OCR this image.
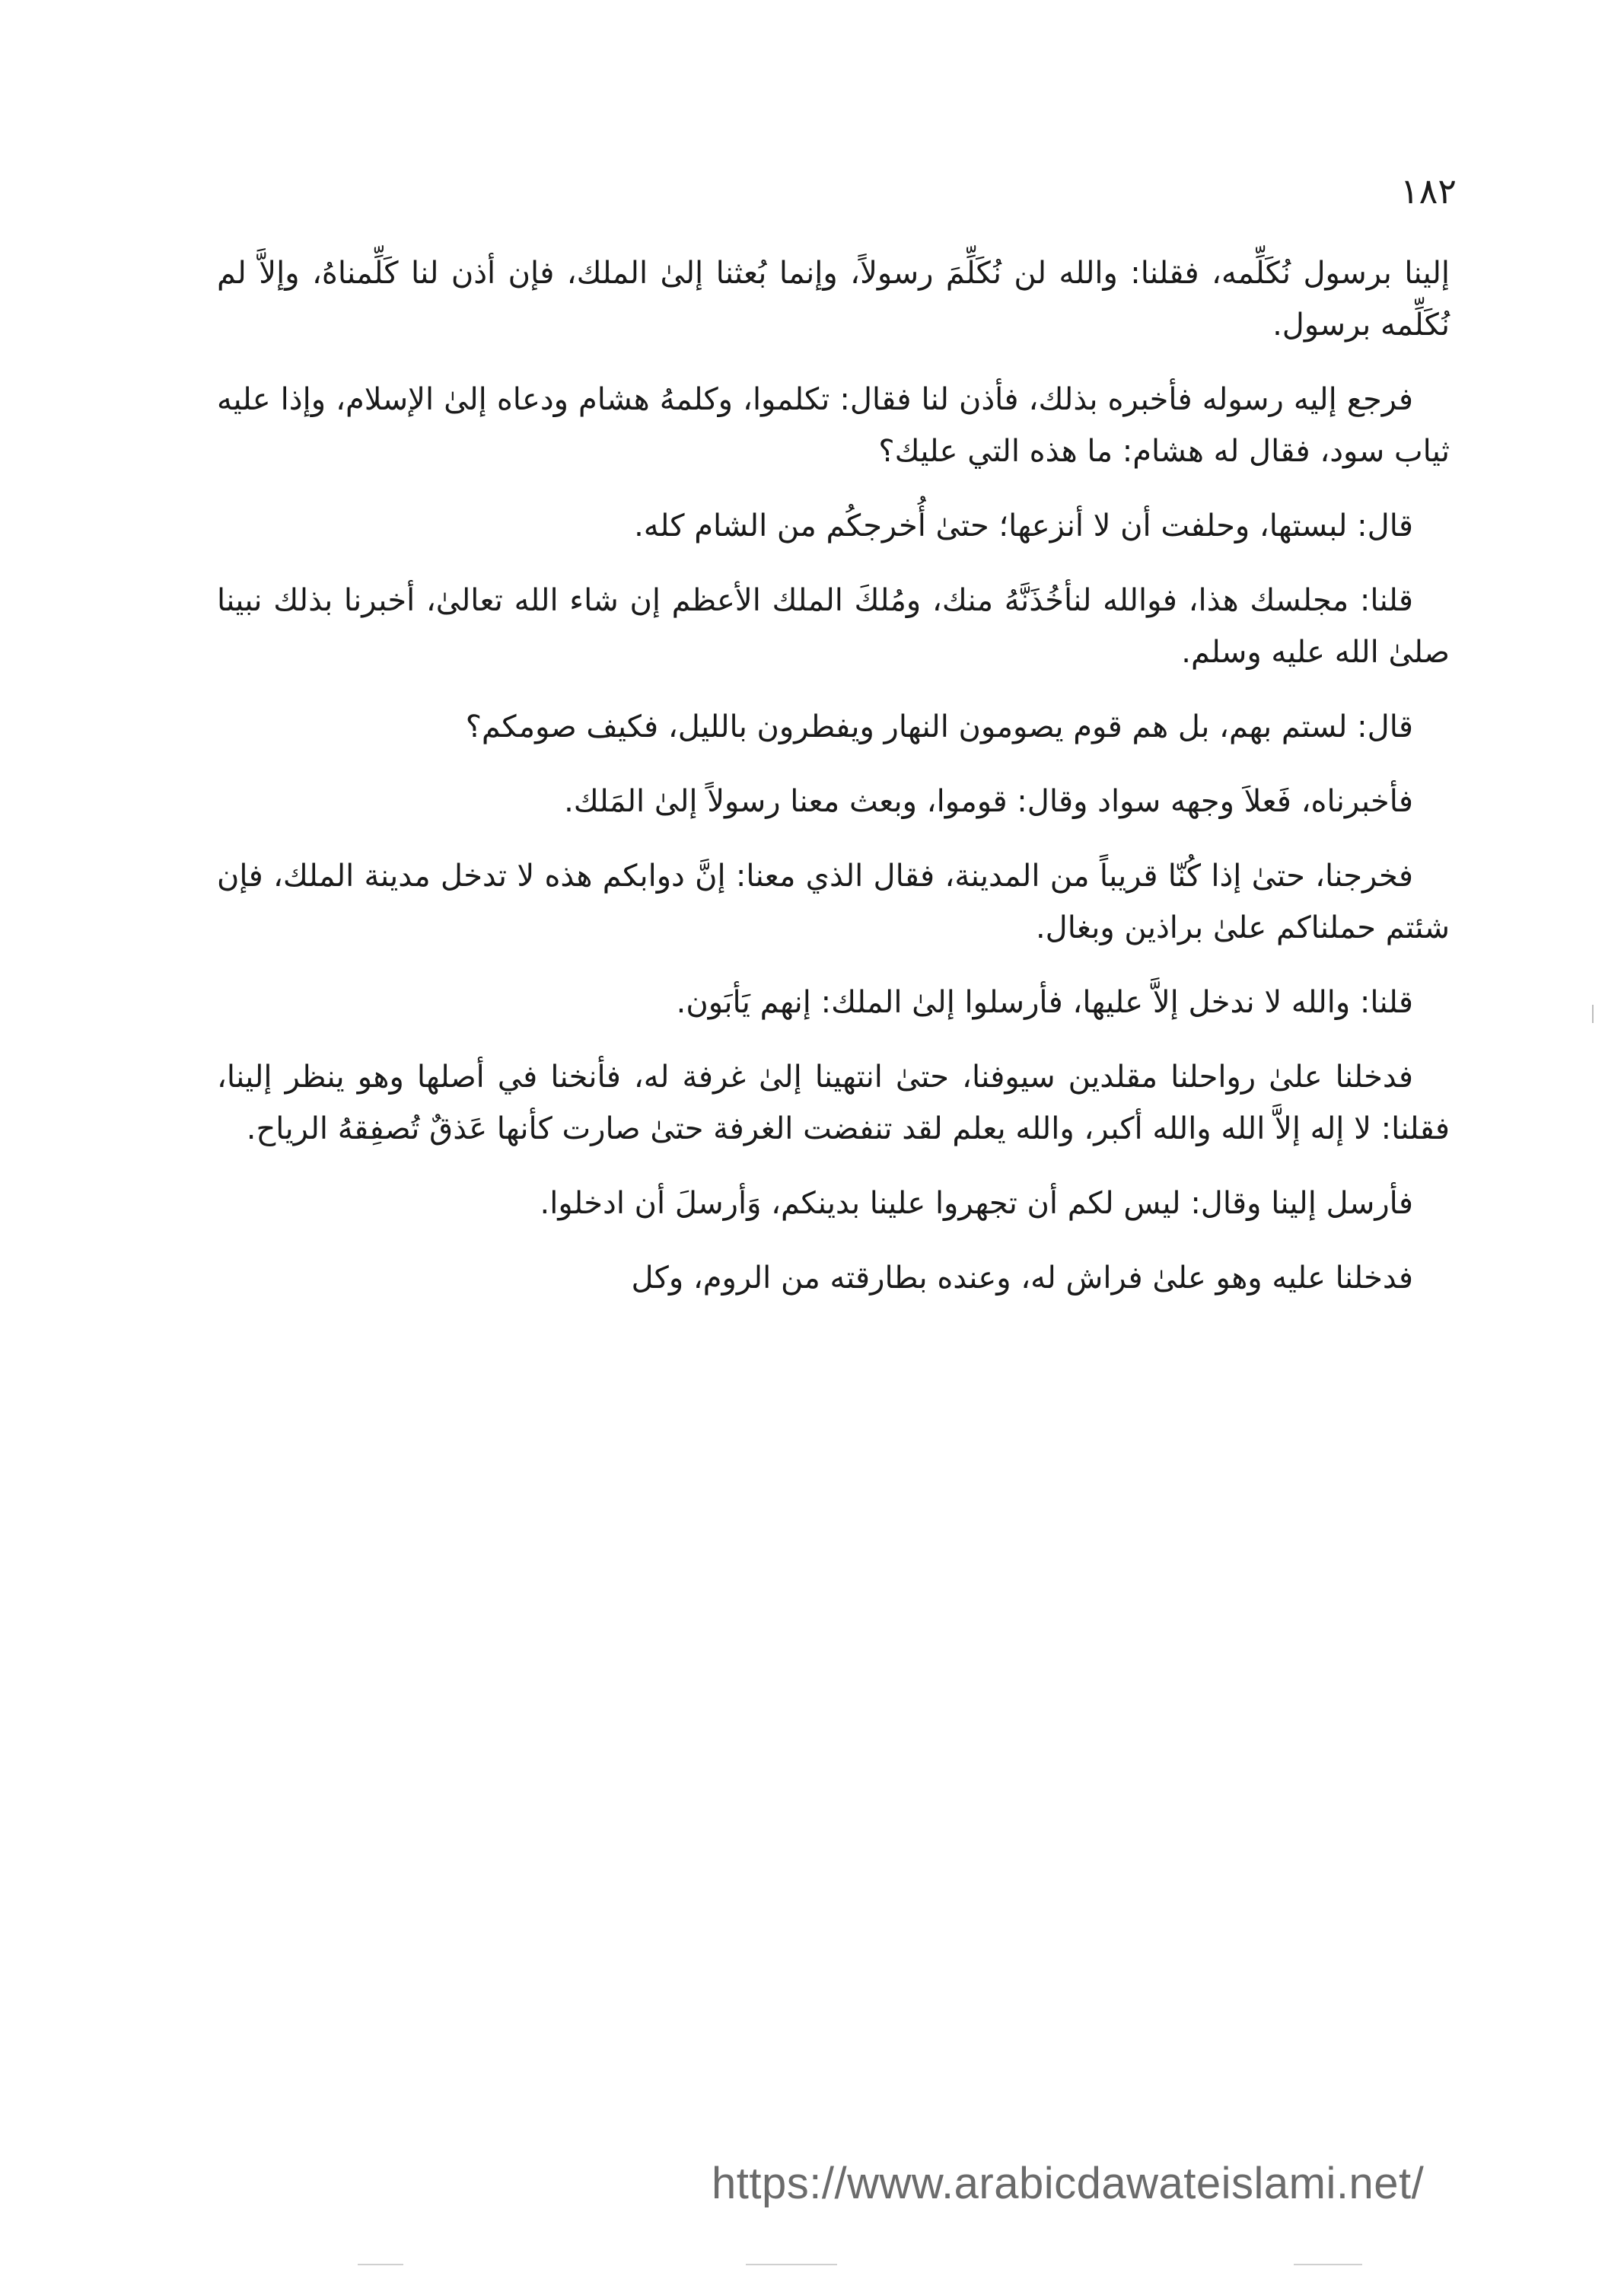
١٨٢

إلينا برسول نُكَلِّمه، فقلنا: والله لن نُكَلِّمَ رسولاً، وإنما بُعثنا إلىٰ الملك، فإن أذن لنا كَلِّمناهُ، وإلاَّ لم نُكَلِّمه برسول.

فرجع إليه رسوله فأخبره بذلك، فأذن لنا فقال: تكلموا، وكلمهُ هشام ودعاه إلىٰ الإسلام، وإذا عليه ثياب سود، فقال له هشام: ما هذه التي عليك؟

قال: لبستها، وحلفت أن لا أنزعها؛ حتىٰ أُخرجكُم من الشام كله.

قلنا: مجلسك هذا، فوالله لنأخُذَنَّهُ منك، ومُلكَ الملك الأعظم إن شاء الله تعالىٰ، أخبرنا بذلك نبينا صلىٰ الله عليه وسلم.

قال: لستم بهم، بل هم قوم يصومون النهار ويفطرون بالليل، فكيف صومكم؟

فأخبرناه، فَعلاَ وجهه سواد وقال: قوموا، وبعث معنا رسولاً إلىٰ المَلك.

فخرجنا، حتىٰ إذا كُنّا قريباً من المدينة، فقال الذي معنا: إنَّ دوابكم هذه لا تدخل مدينة الملك، فإن شئتم حملناكم علىٰ براذين وبغال.

قلنا: والله لا ندخل إلاَّ عليها، فأرسلوا إلىٰ الملك: إنهم يَأبَون.

فدخلنا علىٰ رواحلنا مقلدين سيوفنا، حتىٰ انتهينا إلىٰ غرفة له، فأنخنا في أصلها وهو ينظر إلينا، فقلنا: لا إله إلاَّ الله والله أكبر، والله يعلم لقد تنفضت الغرفة حتىٰ صارت كأنها عَذقٌ تُصفِقهُ الرياح.

فأرسل إلينا وقال: ليس لكم أن تجهروا علينا بدينكم، وَأرسلَ أن ادخلوا.

فدخلنا عليه وهو علىٰ فراش له، وعنده بطارقته من الروم، وكل

https://www.arabicdawateislami.net/
